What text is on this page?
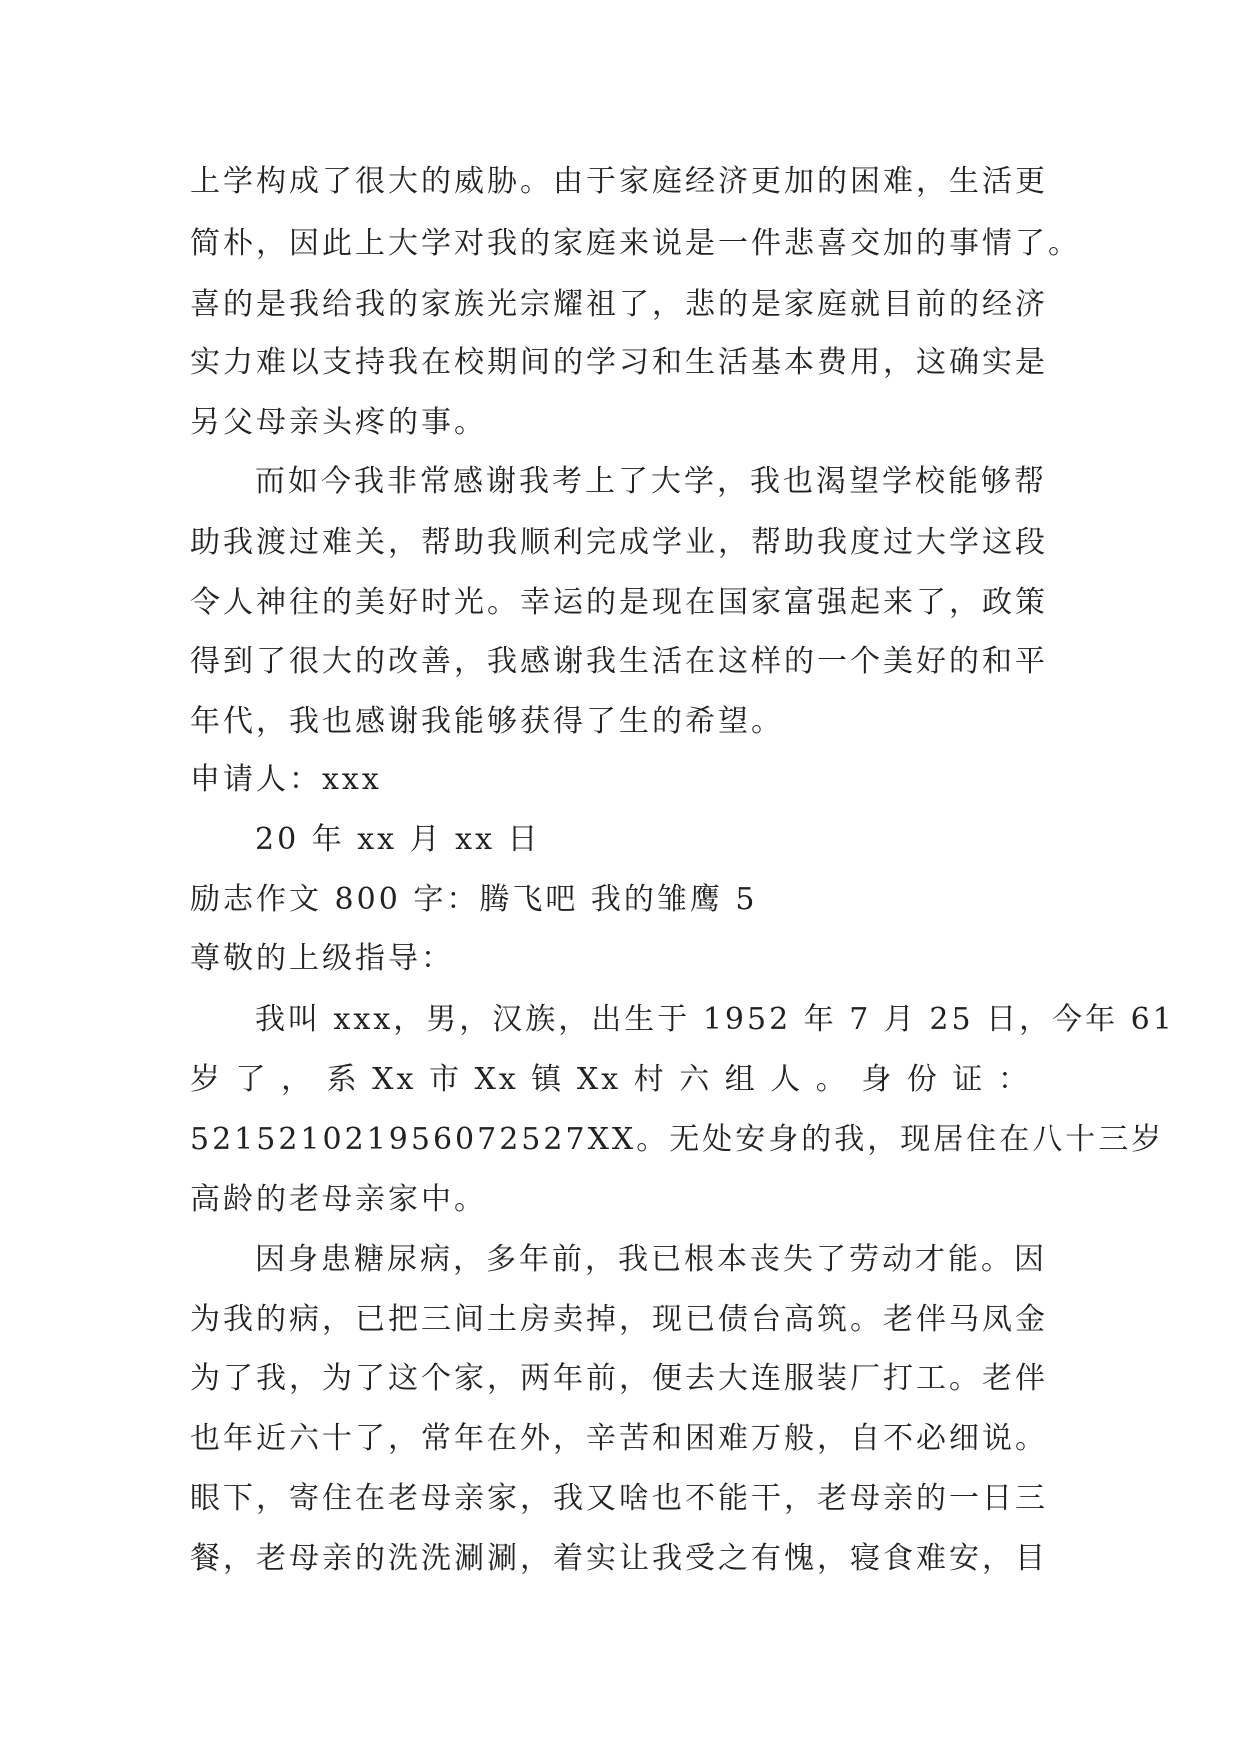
上学构成了很大的威胁。由于家庭经济更加的困难，生活更

简朴，因此上大学对我的家庭来说是一件悲喜交加的事情了。

喜的是我给我的家族光宗耀祖了，悲的是家庭就目前的经济

实力难以支持我在校期间的学习和生活基本费用，这确实是

另父母亲头疼的事。

而如今我非常感谢我考上了大学，我也渴望学校能够帮

助我渡过难关，帮助我顺利完成学业，帮助我度过大学这段

令人神往的美好时光。幸运的是现在国家富强起来了，政策

得到了很大的改善，我感谢我生活在这样的一个美好的和平

年代，我也感谢我能够获得了生的希望。

申请人：xxx

20 年 xx 月 xx 日

励志作文 800 字：腾飞吧 我的雏鹰 5

尊敬的上级指导：

我叫 xxx，男，汉族，出生于 1952 年 7 月 25 日，今年 61

岁 了 ， 系 Xx 市 Xx 镇 Xx 村 六 组 人 。 身 份 证 ：

521521021956072527XX。无处安身的我，现居住在八十三岁

高龄的老母亲家中。

因身患糖尿病，多年前，我已根本丧失了劳动才能。因

为我的病，已把三间土房卖掉，现已债台高筑。老伴马凤金

为了我，为了这个家，两年前，便去大连服装厂打工。老伴

也年近六十了，常年在外，辛苦和困难万般，自不必细说。

眼下，寄住在老母亲家，我又啥也不能干，老母亲的一日三

餐，老母亲的洗洗涮涮，着实让我受之有愧，寝食难安，目
